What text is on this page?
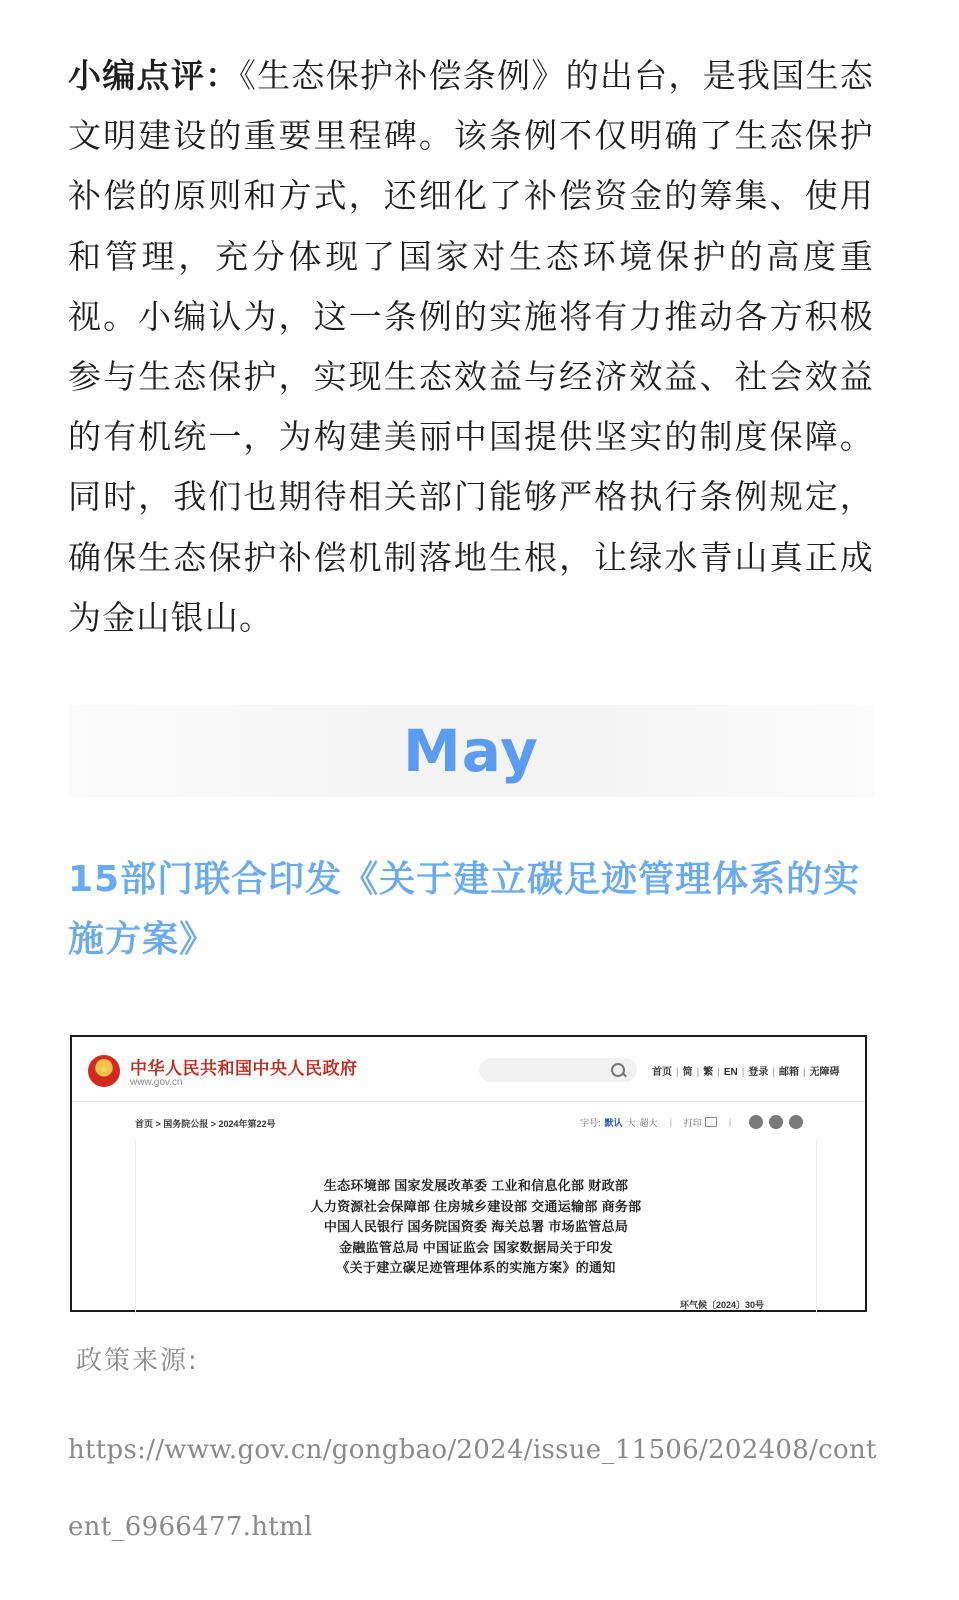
小编点评：《生态保护补偿条例》的出台，是我国生态文明建设的重要里程碑。该条例不仅明确了生态保护补偿的原则和方式，还细化了补偿资金的筹集、使用和管理，充分体现了国家对生态环境保护的高度重视。小编认为，这一条例的实施将有力推动各方积极参与生态保护，实现生态效益与经济效益、社会效益的有机统一，为构建美丽中国提供坚实的制度保障。同时，我们也期待相关部门能够严格执行条例规定，确保生态保护补偿机制落地生根，让绿水青山真正成为金山银山。
May
15部门联合印发《关于建立碳足迹管理体系的实施方案》
中华人民共和国中央人民政府
www.gov.cn
首页 | 简 | 繁 | EN | 登录 | 邮箱 | 无障碍
首页 > 国务院公报 > 2024年第22号	字号: 默认 大 超大 | 打印	|
生态环境部 国家发展改革委 工业和信息化部 财政部
人力资源社会保障部 住房城乡建设部 交通运输部 商务部
中国人民银行 国务院国资委 海关总署 市场监管总局
金融监管总局 中国证监会 国家数据局关于印发
《关于建立碳足迹管理体系的实施方案》的通知
环气候〔2024〕30号
政策来源:
https://www.gov.cn/gongbao/2024/issue_11506/202408/content_6966477.html
